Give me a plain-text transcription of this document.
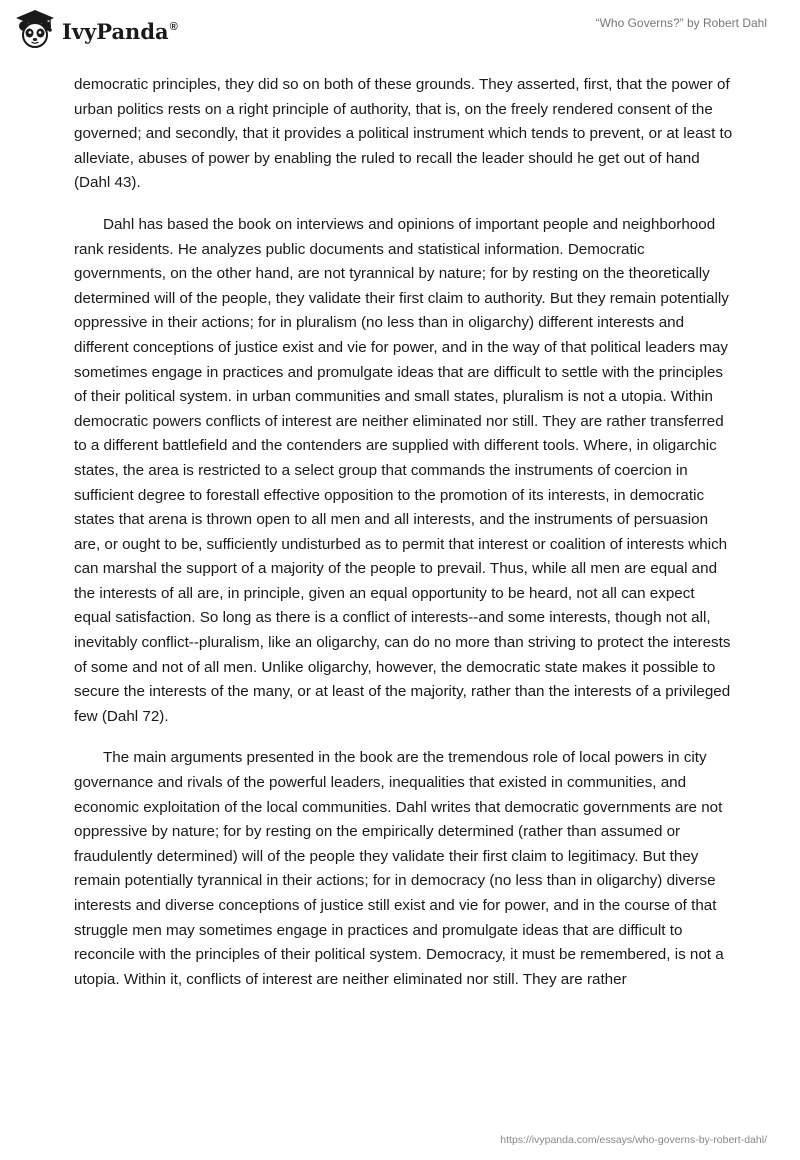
IvyPanda®	“Who Governs?” by Robert Dahl

democratic principles, they did so on both of these grounds. They asserted, first, that the power of urban politics rests on a right principle of authority, that is, on the freely rendered consent of the governed; and secondly, that it provides a political instrument which tends to prevent, or at least to alleviate, abuses of power by enabling the ruled to recall the leader should he get out of hand (Dahl 43).

Dahl has based the book on interviews and opinions of important people and neighborhood rank residents. He analyzes public documents and statistical information. Democratic governments, on the other hand, are not tyrannical by nature; for by resting on the theoretically determined will of the people, they validate their first claim to authority. But they remain potentially oppressive in their actions; for in pluralism (no less than in oligarchy) different interests and different conceptions of justice exist and vie for power, and in the way of that political leaders may sometimes engage in practices and promulgate ideas that are difficult to settle with the principles of their political system. in urban communities and small states, pluralism is not a utopia. Within democratic powers conflicts of interest are neither eliminated nor still. They are rather transferred to a different battlefield and the contenders are supplied with different tools. Where, in oligarchic states, the area is restricted to a select group that commands the instruments of coercion in sufficient degree to forestall effective opposition to the promotion of its interests, in democratic states that arena is thrown open to all men and all interests, and the instruments of persuasion are, or ought to be, sufficiently undisturbed as to permit that interest or coalition of interests which can marshal the support of a majority of the people to prevail. Thus, while all men are equal and the interests of all are, in principle, given an equal opportunity to be heard, not all can expect equal satisfaction. So long as there is a conflict of interests--and some interests, though not all, inevitably conflict--pluralism, like an oligarchy, can do no more than striving to protect the interests of some and not of all men. Unlike oligarchy, however, the democratic state makes it possible to secure the interests of the many, or at least of the majority, rather than the interests of a privileged few (Dahl 72).

The main arguments presented in the book are the tremendous role of local powers in city governance and rivals of the powerful leaders, inequalities that existed in communities, and economic exploitation of the local communities. Dahl writes that democratic governments are not oppressive by nature; for by resting on the empirically determined (rather than assumed or fraudulently determined) will of the people they validate their first claim to legitimacy. But they remain potentially tyrannical in their actions; for in democracy (no less than in oligarchy) diverse interests and diverse conceptions of justice still exist and vie for power, and in the course of that struggle men may sometimes engage in practices and promulgate ideas that are difficult to reconcile with the principles of their political system. Democracy, it must be remembered, is not a utopia. Within it, conflicts of interest are neither eliminated nor still. They are rather

https://ivypanda.com/essays/who-governs-by-robert-dahl/
